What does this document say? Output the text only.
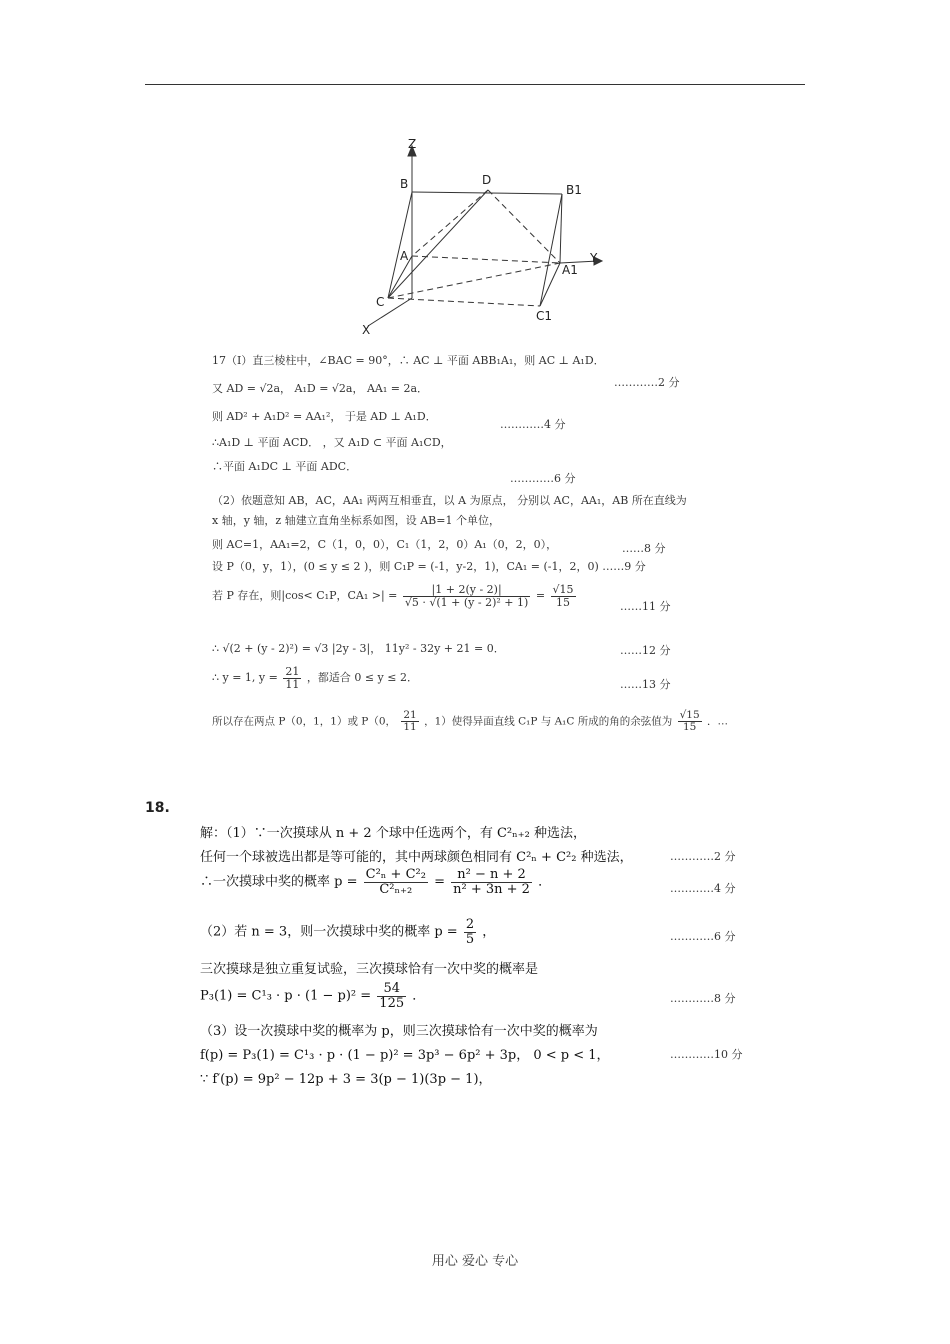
Z
B	D
B1
A
A1
Y
C
C1
X
17（Ⅰ）直三棱柱中，∠BAC = 90°，∴ AC ⊥ 平面 ABB₁A₁，则 AC ⊥ A₁D．
…………2 分
又 AD = √2a， A₁D = √2a， AA₁ = 2a．
则 AD² + A₁D² = AA₁²， 于是 AD ⊥ A₁D．
…………4 分
∴A₁D ⊥ 平面 ACD． ，又 A₁D ⊂ 平面 A₁CD，
∴平面 A₁DC ⊥ 平面 ADC．
…………6 分
（2）依题意知 AB，AC，AA₁ 两两互相垂直，以 A 为原点， 分别以 AC，AA₁，AB 所在直线为
x 轴，y 轴，z 轴建立直角坐标系如图，设 AB=1 个单位，
则 AC=1，AA₁=2，C（1，0，0），C₁（1，2，0）A₁（0，2，0），	……8 分
设 P（0，y，1），(0 ≤ y ≤ 2 )，则 C₁P = (-1，y-2，1)，CA₁ = (-1，2，0) ……9 分
若 P 存在，则|cos< C₁P，CA₁ >| = $\frac{|1 + 2(y - 2)|}{\text{√5 · √(1 + (y - 2)² + 1)}} = \frac{√15}{15}$	……11 分
∴ √(2 + (y - 2)²) = √3 |2y - 3|， 11y² - 32y + 21 = 0．	……12 分
∴ y = 1, $y = \frac{21}{11}$ ，都适合 0 ≤ y ≤ 2．
……13 分
所以存在两点 P（0，1，1）或 P（0， $\frac{21}{11}$ ，1）使得异面直线 C₁P 与 A₁C 所成的角的余弦值为 $\frac{√15}{15}$ ．…
18.
解：（1）∵一次摸球从 n + 2 个球中任选两个，有 C²ₙ₊₂ 种选法，
任何一个球被选出都是等可能的，其中两球颜色相同有 C²ₙ + C²₂ 种选法，	…………2 分
∴一次摸球中奖的概率 $p = \frac{\text{C²ₙ + C²₂}}{\text{C²ₙ₊₂}} = \frac{\text{n² − n + 2}}{\text{n² + 3n + 2}}$ ．	…………4 分
（2）若 n = 3，则一次摸球中奖的概率 $p = \frac{2}{5}$ ，	…………6 分
三次摸球是独立重复试验，三次摸球恰有一次中奖的概率是
$P_3(1) = C^1_3 \cdot p \cdot (1 - p)^2 = \frac{54}{125}$ ．	…………8 分
（3）设一次摸球中奖的概率为 p，则三次摸球恰有一次中奖的概率为
f(p) = P₃(1) = C¹₃ · p · (1 − p)² = 3p³ − 6p² + 3p， 0 < p < 1，	…………10 分
∵ f′(p) = 9p² − 12p + 3 = 3(p − 1)(3p − 1)，
用心 爱心 专心
